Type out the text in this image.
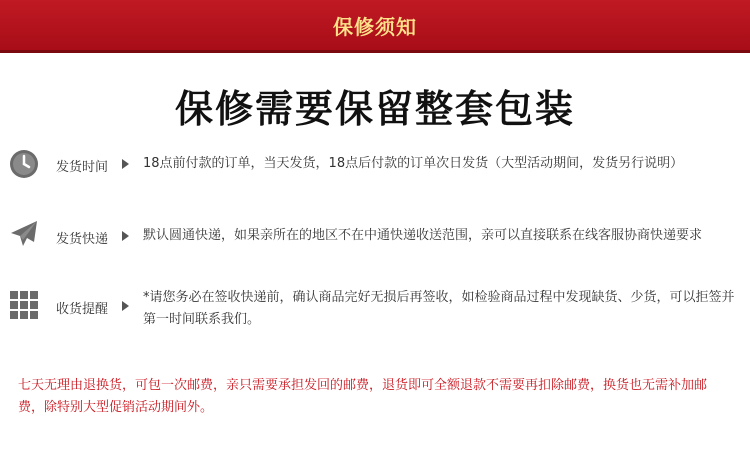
保修须知
保修需要保留整套包装
发货时间	18点前付款的订单，当天发货，18点后付款的订单次日发货（大型活动期间，发货另行说明）
发货快递	默认圆通快递，如果亲所在的地区不在中通快递收送范围，亲可以直接联系在线客服协商快递要求
收货提醒
*请您务必在签收快递前，确认商品完好无损后再签收，如检验商品过程中发现缺货、少货，可以拒签并第一时间联系我们。
七天无理由退换货，可包一次邮费，亲只需要承担发回的邮费，退货即可全额退款不需要再扣除邮费，换货也无需补加邮费，除特别大型促销活动期间外。
